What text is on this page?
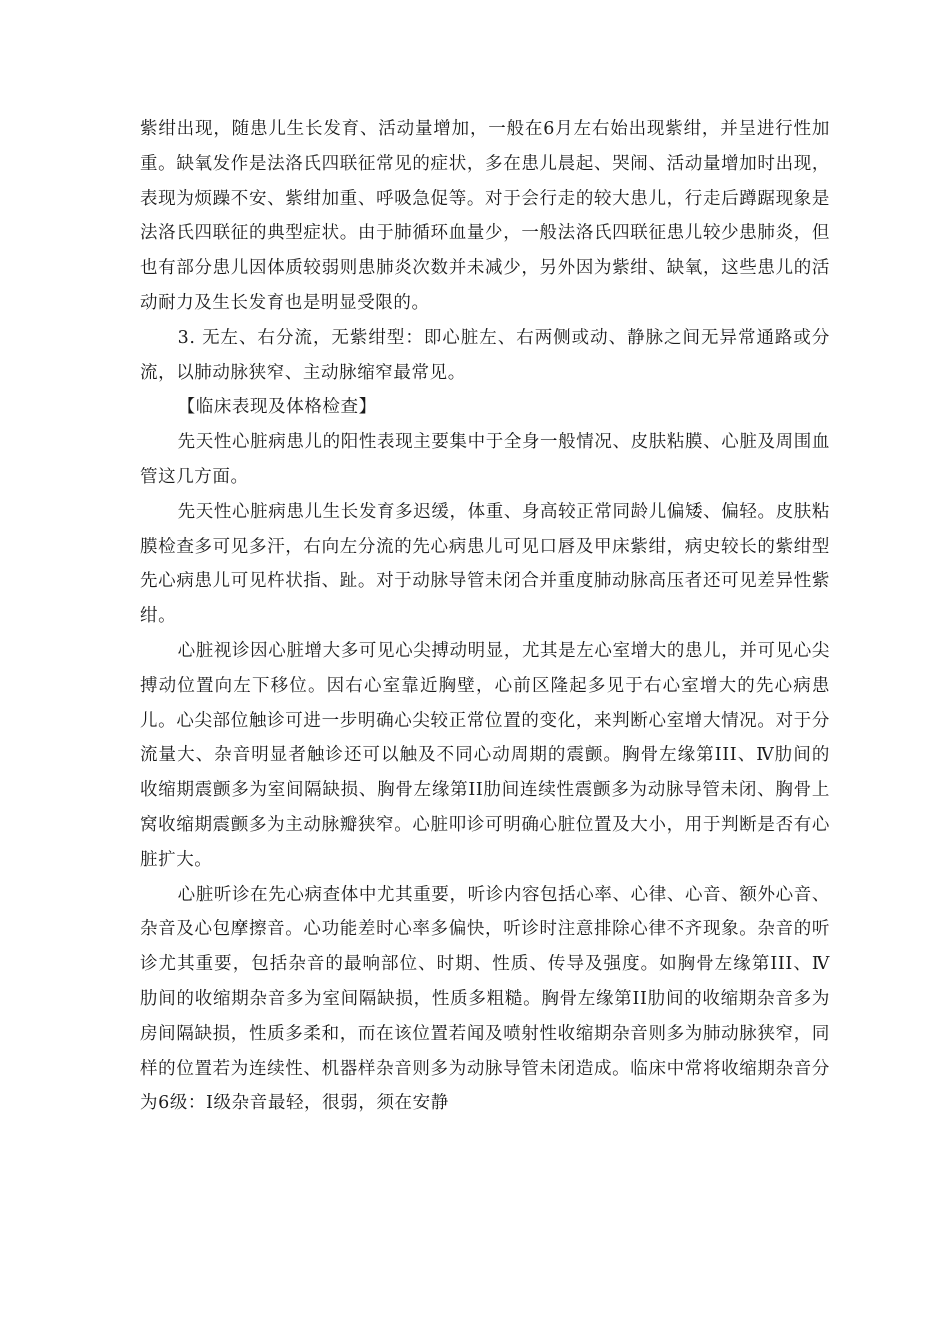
紫绀出现，随患儿生长发育、活动量增加，一般在6月左右始出现紫绀，并呈进行性加重。缺氧发作是法洛氏四联征常见的症状，多在患儿晨起、哭闹、活动量增加时出现，表现为烦躁不安、紫绀加重、呼吸急促等。对于会行走的较大患儿，行走后蹲踞现象是法洛氏四联征的典型症状。由于肺循环血量少，一般法洛氏四联征患儿较少患肺炎，但也有部分患儿因体质较弱则患肺炎次数并未减少，另外因为紫绀、缺氧，这些患儿的活动耐力及生长发育也是明显受限的。

3. 无左、右分流，无紫绀型：即心脏左、右两侧或动、静脉之间无异常通路或分流，以肺动脉狭窄、主动脉缩窄最常见。

【临床表现及体格检查】

先天性心脏病患儿的阳性表现主要集中于全身一般情况、皮肤粘膜、心脏及周围血管这几方面。

先天性心脏病患儿生长发育多迟缓，体重、身高较正常同龄儿偏矮、偏轻。皮肤粘膜检查多可见多汗，右向左分流的先心病患儿可见口唇及甲床紫绀，病史较长的紫绀型先心病患儿可见杵状指、趾。对于动脉导管未闭合并重度肺动脉高压者还可见差异性紫绀。

心脏视诊因心脏增大多可见心尖搏动明显，尤其是左心室增大的患儿，并可见心尖搏动位置向左下移位。因右心室靠近胸壁，心前区隆起多见于右心室增大的先心病患儿。心尖部位触诊可进一步明确心尖较正常位置的变化，来判断心室增大情况。对于分流量大、杂音明显者触诊还可以触及不同心动周期的震颤。胸骨左缘第III、Ⅳ肋间的收缩期震颤多为室间隔缺损、胸骨左缘第II肋间连续性震颤多为动脉导管未闭、胸骨上窝收缩期震颤多为主动脉瓣狭窄。心脏叩诊可明确心脏位置及大小，用于判断是否有心脏扩大。

心脏听诊在先心病查体中尤其重要，听诊内容包括心率、心律、心音、额外心音、杂音及心包摩擦音。心功能差时心率多偏快，听诊时注意排除心律不齐现象。杂音的听诊尤其重要，包括杂音的最响部位、时期、性质、传导及强度。如胸骨左缘第III、Ⅳ肋间的收缩期杂音多为室间隔缺损，性质多粗糙。胸骨左缘第II肋间的收缩期杂音多为房间隔缺损，性质多柔和，而在该位置若闻及喷射性收缩期杂音则多为肺动脉狭窄，同样的位置若为连续性、机器样杂音则多为动脉导管未闭造成。临床中常将收缩期杂音分为6级：Ⅰ级杂音最轻，很弱，须在安静
